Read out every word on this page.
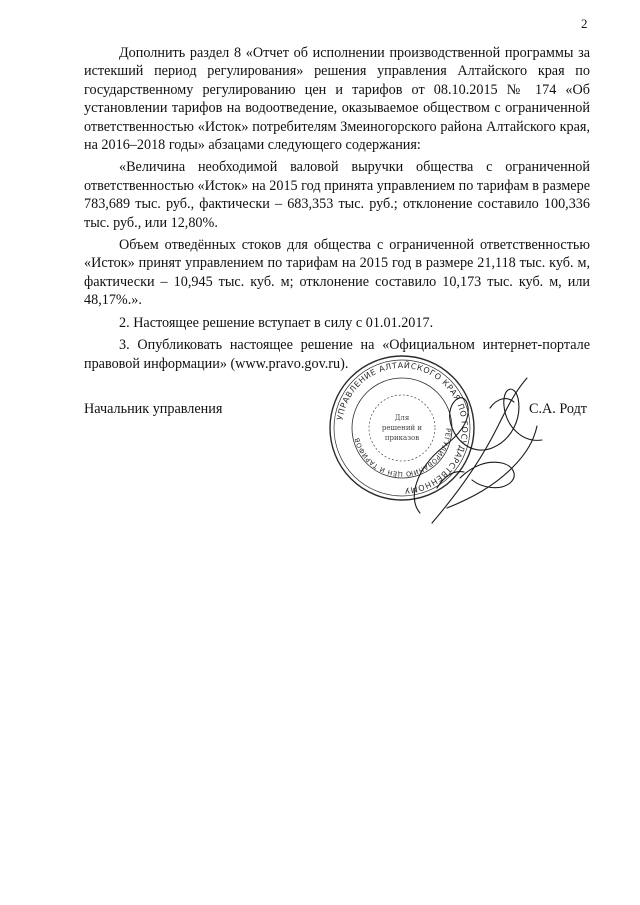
2

Дополнить раздел 8 «Отчет об исполнении производственной программы за истекший период регулирования» решения управления Алтайского края по государственному регулированию цен и тарифов от 08.10.2015 № 174 «Об установлении тарифов на водоотведение, оказываемое обществом с ограниченной ответственностью «Исток» потребителям Змеиногорского района Алтайского края, на 2016–2018 годы» абзацами следующего содержания:

«Величина необходимой валовой выручки общества с ограниченной ответственностью «Исток» на 2015 год принята управлением по тарифам в размере 783,689 тыс. руб., фактически – 683,353 тыс. руб.; отклонение составило 100,336 тыс. руб., или 12,80%.

Объем отведённых стоков для общества с ограниченной ответственностью «Исток» принят управлением по тарифам на 2015 год в размере 21,118 тыс. куб. м, фактически – 10,945 тыс. куб. м; отклонение составило 10,173 тыс. куб. м, или 48,17%.».

2. Настоящее решение вступает в силу с 01.01.2017.

3. Опубликовать настоящее решение на «Официальном интернет-портале правовой информации» (www.pravo.gov.ru).

Начальник управления
УПРАВЛЕНИЕ АЛТАЙСКОГО КРАЯ ПО ГОСУДАРСТВЕННОМУ
РЕГУЛИРОВАНИЮ ЦЕН И ТАРИФОВ
Для
решений и
приказов
С.А. Родт
